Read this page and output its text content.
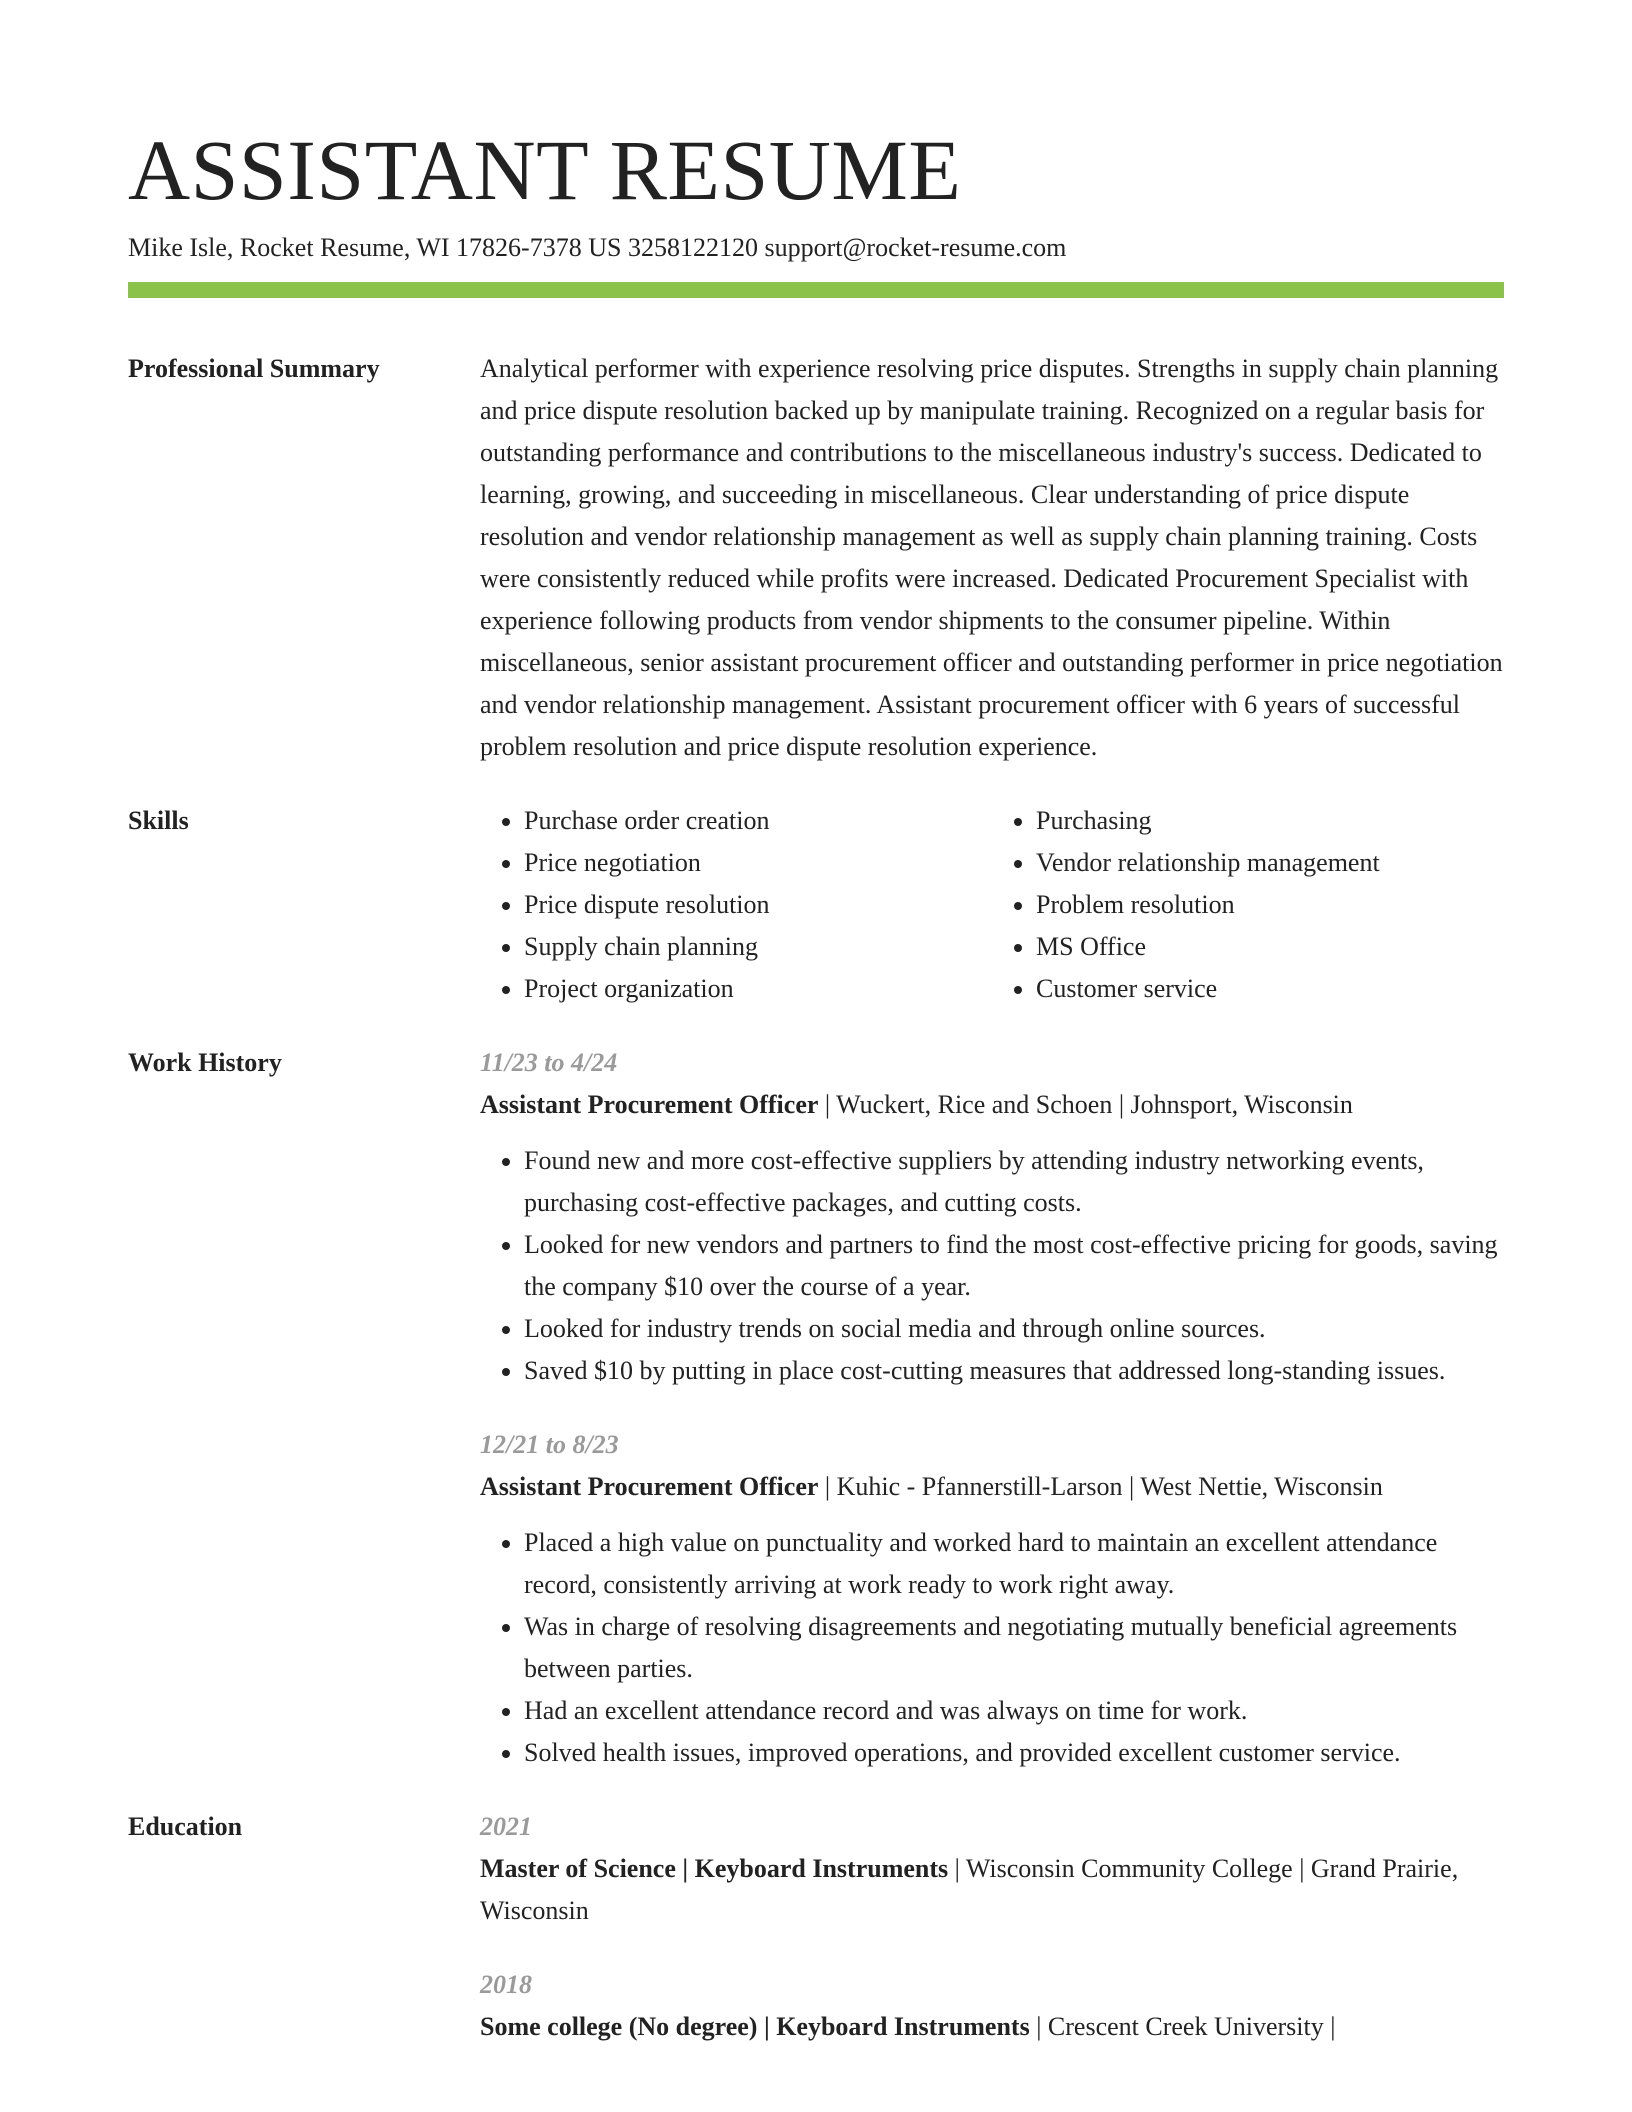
ASSISTANT RESUME
Mike Isle, Rocket Resume, WI 17826-7378 US 3258122120 support@rocket-resume.com
Professional Summary	Analytical performer with experience resolving price disputes. Strengths in supply chain planning and price dispute resolution backed up by manipulate training. Recognized on a regular basis for outstanding performance and contributions to the miscellaneous industry's success. Dedicated to learning, growing, and succeeding in miscellaneous. Clear understanding of price dispute resolution and vendor relationship management as well as supply chain planning training. Costs were consistently reduced while profits were increased. Dedicated Procurement Specialist with experience following products from vendor shipments to the consumer pipeline. Within miscellaneous, senior assistant procurement officer and outstanding performer in price negotiation and vendor relationship management. Assistant procurement officer with 6 years of successful problem resolution and price dispute resolution experience.
Skills
•	Purchase order creation
• Price negotiation
• Price dispute resolution
• Supply chain planning
• Project organization
• Purchasing
• Vendor relationship management
• Problem resolution
• MS Office
• Customer service
Work History	11/23 to 4/24
Assistant Procurement Officer | Wuckert, Rice and Schoen | Johnsport, Wisconsin
• Found new and more cost-effective suppliers by attending industry networking events, purchasing cost-effective packages, and cutting costs.
• Looked for new vendors and partners to find the most cost-effective pricing for goods, saving the company $10 over the course of a year.
• Looked for industry trends on social media and through online sources.
• Saved $10 by putting in place cost-cutting measures that addressed long-standing issues.
12/21 to 8/23
Assistant Procurement Officer | Kuhic - Pfannerstill-Larson | West Nettie, Wisconsin
• Placed a high value on punctuality and worked hard to maintain an excellent attendance record, consistently arriving at work ready to work right away.
• Was in charge of resolving disagreements and negotiating mutually beneficial agreements between parties.
• Had an excellent attendance record and was always on time for work.
• Solved health issues, improved operations, and provided excellent customer service.
Education	2021
Master of Science | Keyboard Instruments | Wisconsin Community College | Grand Prairie, Wisconsin
2018
Some college (No degree) | Keyboard Instruments | Crescent Creek University |
